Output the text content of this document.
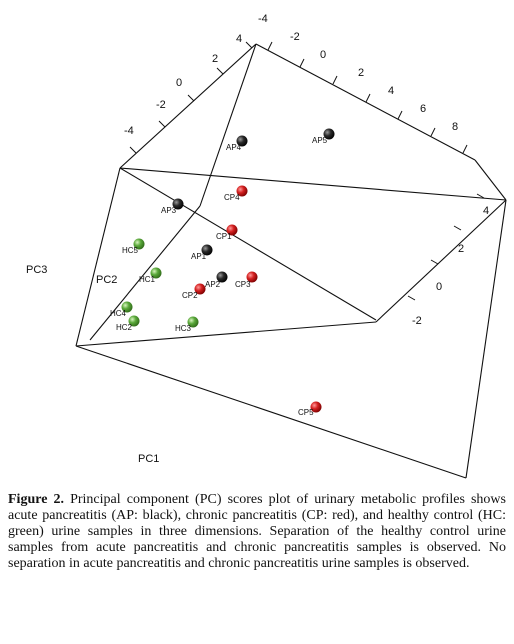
-4
-2
0
2
4
6
8
4
2
0
-2
-4
4
2
0
-2
PC3
PC2
PC1
AP4
AP5
AP3
AP1
AP2
CP4
CP1
CP2
CP3
CP5
HC5
HC1
HC4
HC2	HC3

Figure 2. Principal component (PC) scores plot of urinary metabolic profiles shows acute pancreatitis (AP: black), chronic pancreatitis (CP: red), and healthy control (HC: green) urine samples in three dimensions. Separation of the healthy control urine samples from acute pancreatitis and chronic pancreatitis samples is observed. No separation in acute pancreatitis and chronic pancreatitis urine samples is observed.
